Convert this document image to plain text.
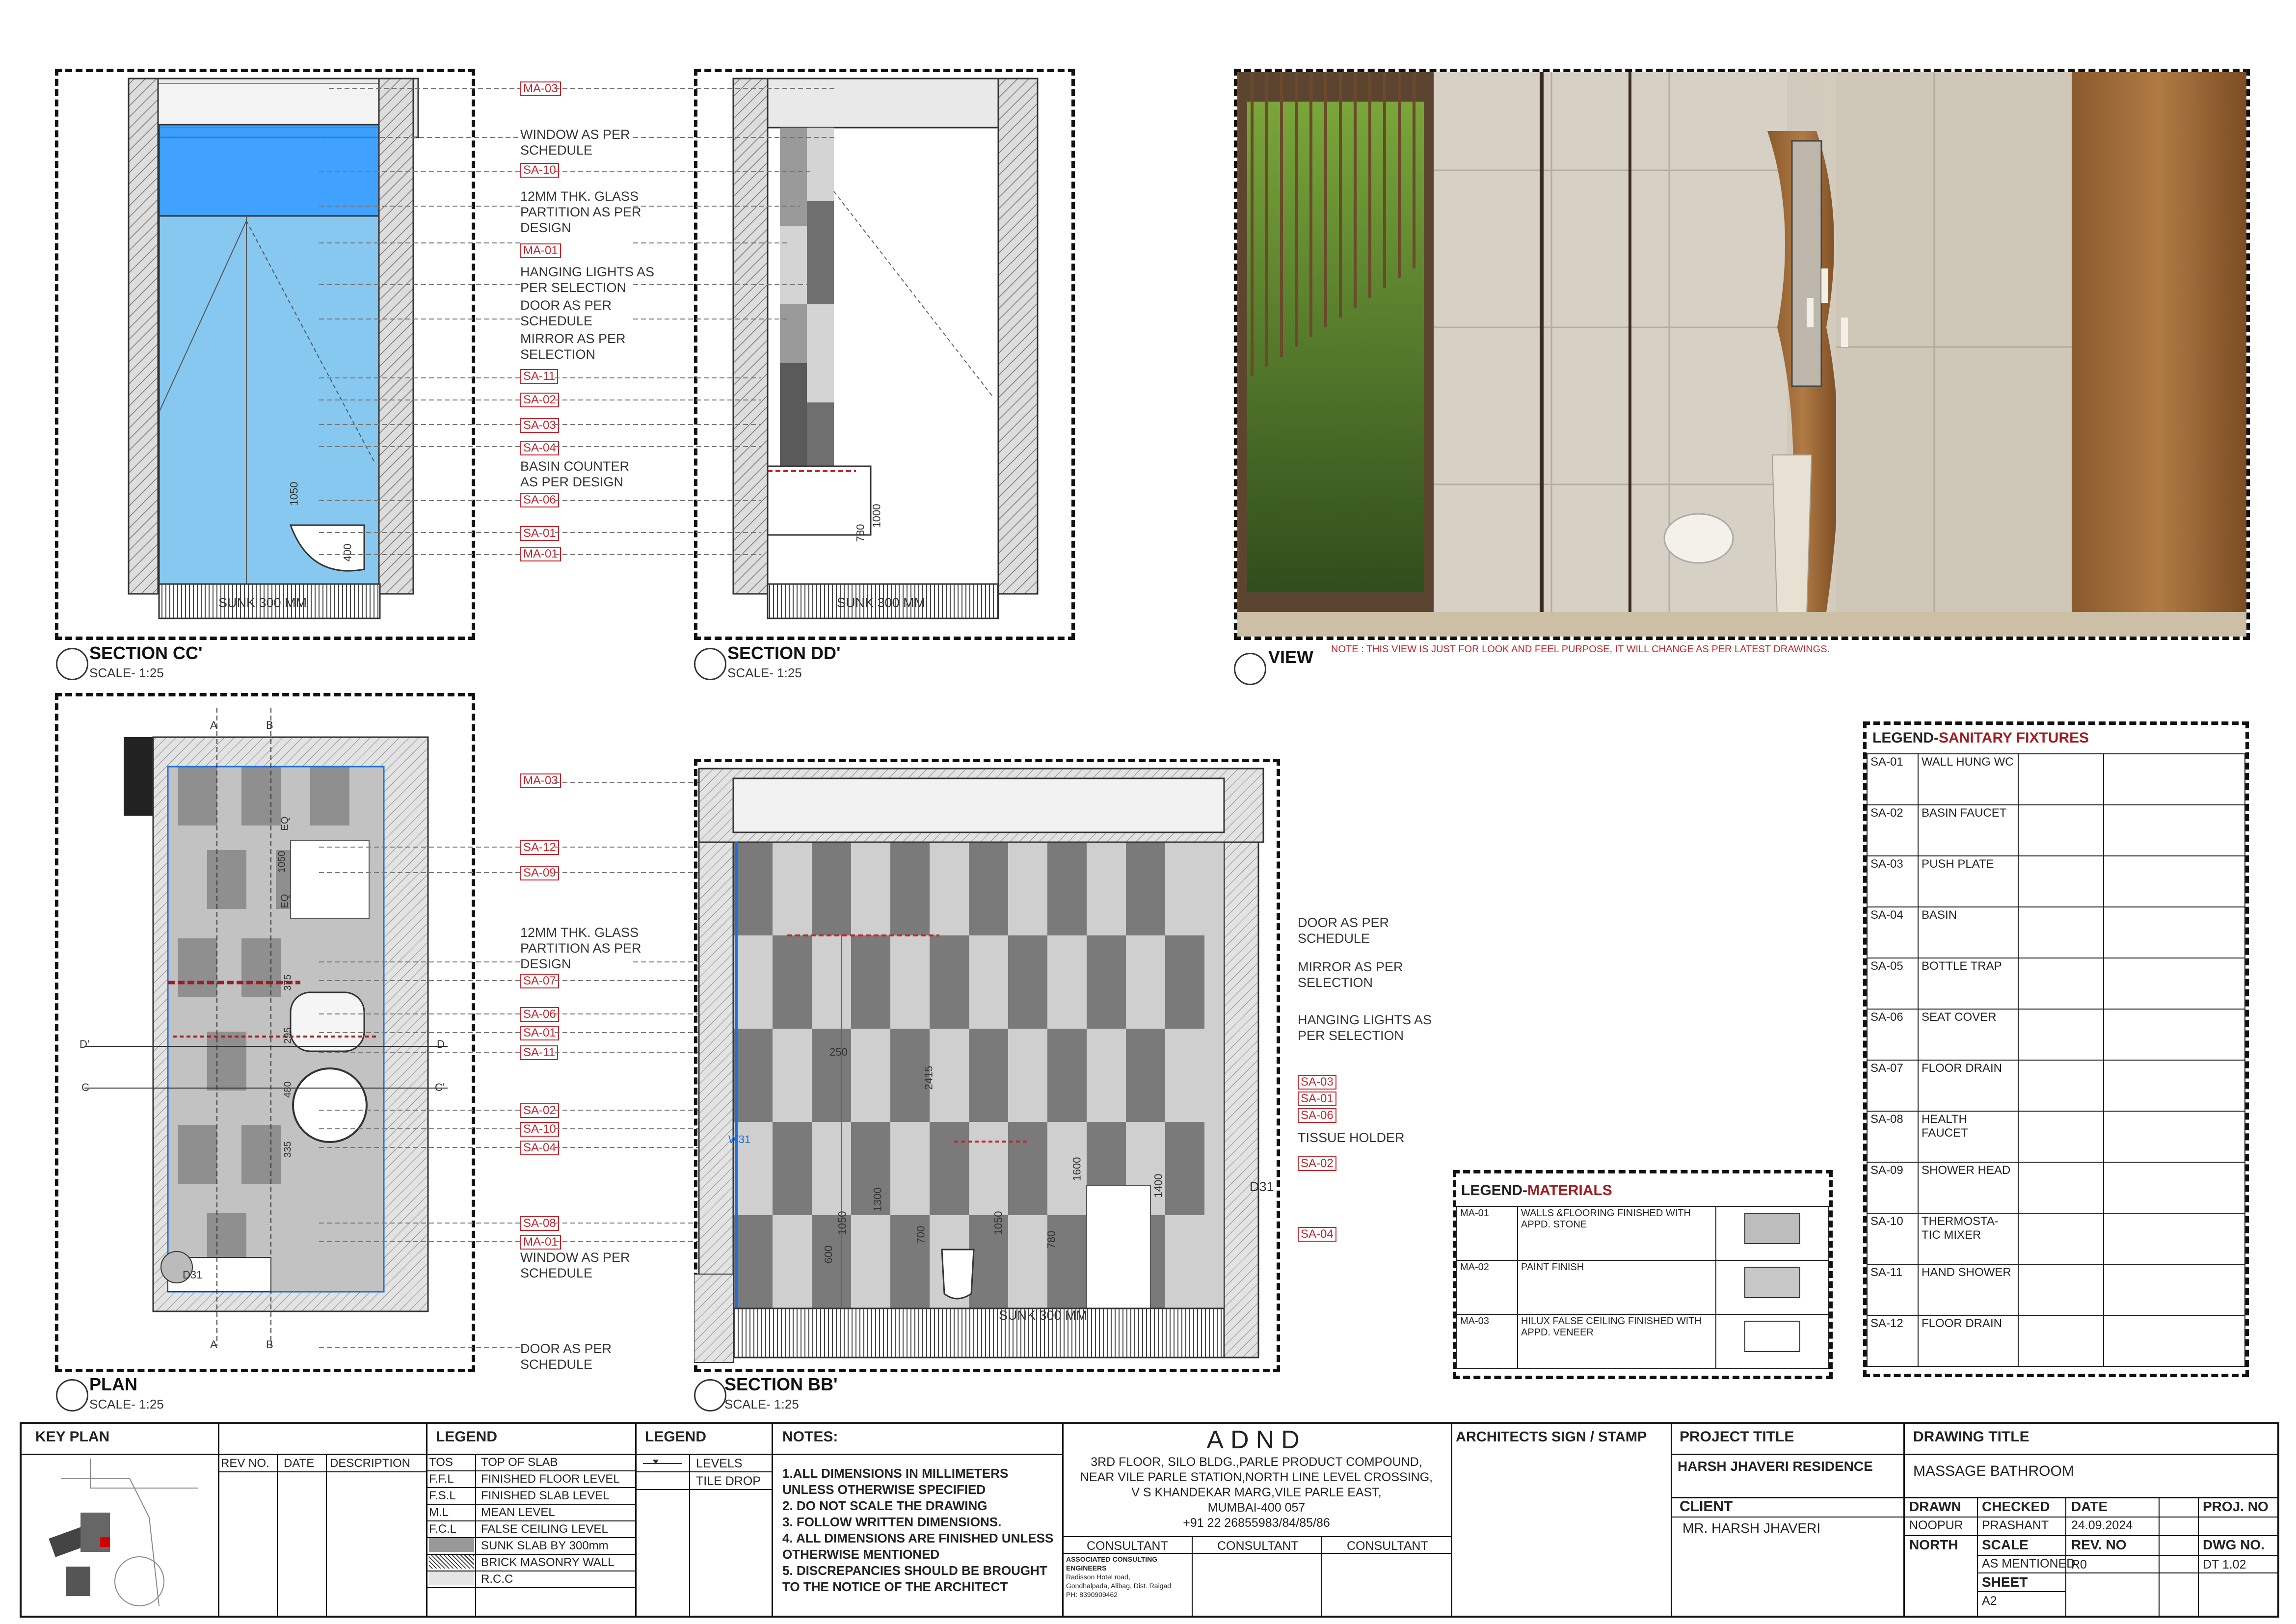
SUNK 300 MM
1050
400
SECTION CC'
SCALE- 1:25
SUNK 300 MM
780
1000
SECTION DD'
SCALE- 1:25
MA-03
WINDOW AS PER SCHEDULE
SA-10
12MM THK. GLASS PARTITION AS PER DESIGN
MA-01
HANGING LIGHTS AS PER SELECTION
DOOR AS PER SCHEDULE
MIRROR AS PER SELECTION
SA-11
SA-02
SA-03
SA-04
BASIN COUNTER AS PER DESIGN
SA-06
SA-01
MA-01
VIEW NOTE : THIS VIEW IS JUST FOR LOOK AND FEEL PURPOSE, IT WILL CHANGE AS PER LATEST DRAWINGS.
A	B
A	B
D'
C
D
C'
D31
EQ
1050
EQ
375
295
480
335
PLAN
SCALE- 1:25
MA-03
SA-12
SA-09
12MM THK. GLASS PARTITION AS PER DESIGN
SA-07
SA-06
SA-01
SA-11
SA-02
SA-10
SA-04
SA-08
MA-01
WINDOW AS PER SCHEDULE
DOOR AS PER SCHEDULE
SUNK 300 MM
D31
W31
250
2415
1300
1050
600
700	1050
1600
780
1400
SECTION BB'
SCALE- 1:25
DOOR AS PER SCHEDULE
MIRROR AS PER SELECTION
HANGING LIGHTS AS PER SELECTION
SA-03
SA-01
SA-06
TISSUE HOLDER
SA-02
SA-04
LEGEND-MATERIALS
MA-01	WALLS &FLOORING FINISHED WITH APPD. STONE	

MA-02	PAINT FINISH	

MA-03	HILUX FALSE CEILING FINISHED WITH APPD. VENEER	
LEGEND-SANITARY FIXTURES
SA-01	WALL HUNG WC		
SA-02	BASIN FAUCET		
SA-03	PUSH PLATE		
SA-04	BASIN		
SA-05	BOTTLE TRAP		
SA-06	SEAT COVER		
SA-07	FLOOR DRAIN		
SA-08	HEALTH FAUCET		
SA-09	SHOWER HEAD		
SA-10	THERMOSTA-TIC MIXER		
SA-11	HAND SHOWER		
SA-12	FLOOR DRAIN		
KEY PLAN
REV NO. DATE DESCRIPTION
LEGEND
TOS TOP OF SLAB
F.F.L FINISHED FLOOR LEVEL
F.S.L FINISHED SLAB LEVEL
M.L	MEAN LEVEL
F.C.L FALSE CEILING LEVEL
SUNK SLAB BY 300mm
BRICK MASONRY WALL
R.C.C
LEGEND
LEVELS
TILE DROP
NOTES:
1.ALL DIMENSIONS IN MILLIMETERS UNLESS OTHERWISE SPECIFIED
2. DO NOT SCALE THE DRAWING
3. FOLLOW WRITTEN DIMENSIONS.
4. ALL DIMENSIONS ARE FINISHED UNLESS OTHERWISE MENTIONED
5. DISCREPANCIES SHOULD BE BROUGHT TO THE NOTICE OF THE ARCHITECT
ADND
3RD FLOOR, SILO BLDG.,PARLE PRODUCT COMPOUND,
NEAR VILE PARLE STATION,NORTH LINE LEVEL CROSSING,
V S KHANDEKAR MARG,VILE PARLE EAST,
MUMBAI-400 057
+91 22 26855983/84/85/86
CONSULTANT	CONSULTANT	CONSULTANT
ASSOCIATED CONSULTING ENGINEERS
Radisson Hotel road,
Gondhalpada, Alibag, Dist. Raigad
PH: 8390909462
ARCHITECTS SIGN / STAMP PROJECT TITLE
HARSH JHAVERI RESIDENCE
CLIENT
MR. HARSH JHAVERI
DRAWING TITLE
MASSAGE BATHROOM
DRAWN
NOOPUR
CHECKED
PRASHANT
DATE
24.09.2024
PROJ. NO
NORTH SCALE
AS MENTIONED
REV. NO
R0
DWG NO.
DT 1.02
SHEET
A2
